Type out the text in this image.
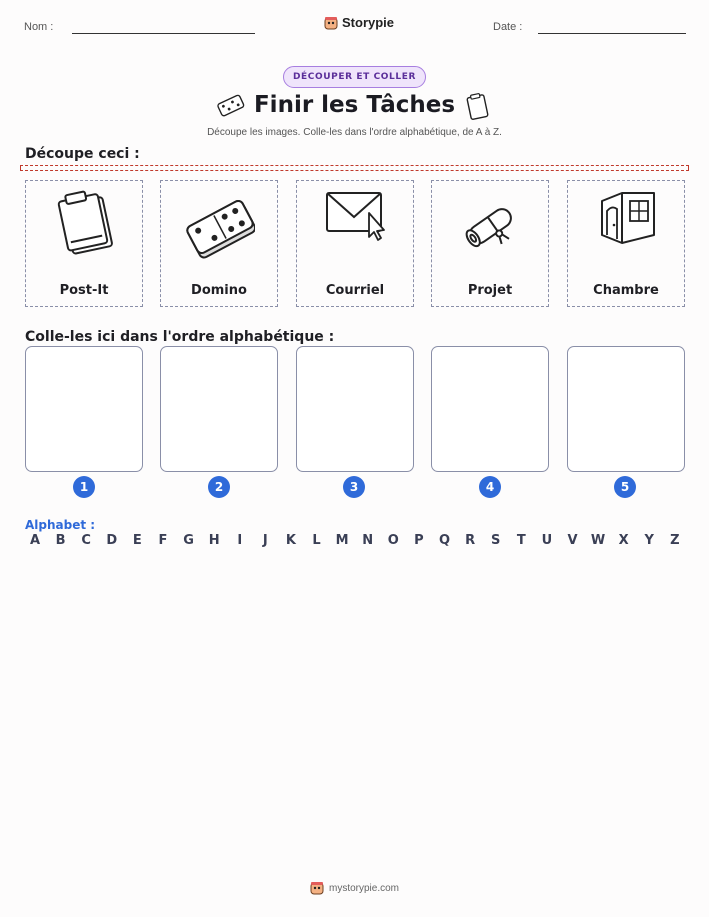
Nom :	Storypie	Date :
DÉCOUPER ET COLLER
Finir les Tâches
Découpe les images. Colle-les dans l'ordre alphabétique, de A à Z.
Découpe ceci :
Post-It	Domino	Courriel	Projet	Chambre
Colle-les ici dans l'ordre alphabétique :
1	2	3	4	5
Alphabet :
A	B	C	D	E	F	G	H	I	J	K	L	M	N	O	P	Q	R	S	T	U	V	W	X	Y	Z
mystorypie.com
